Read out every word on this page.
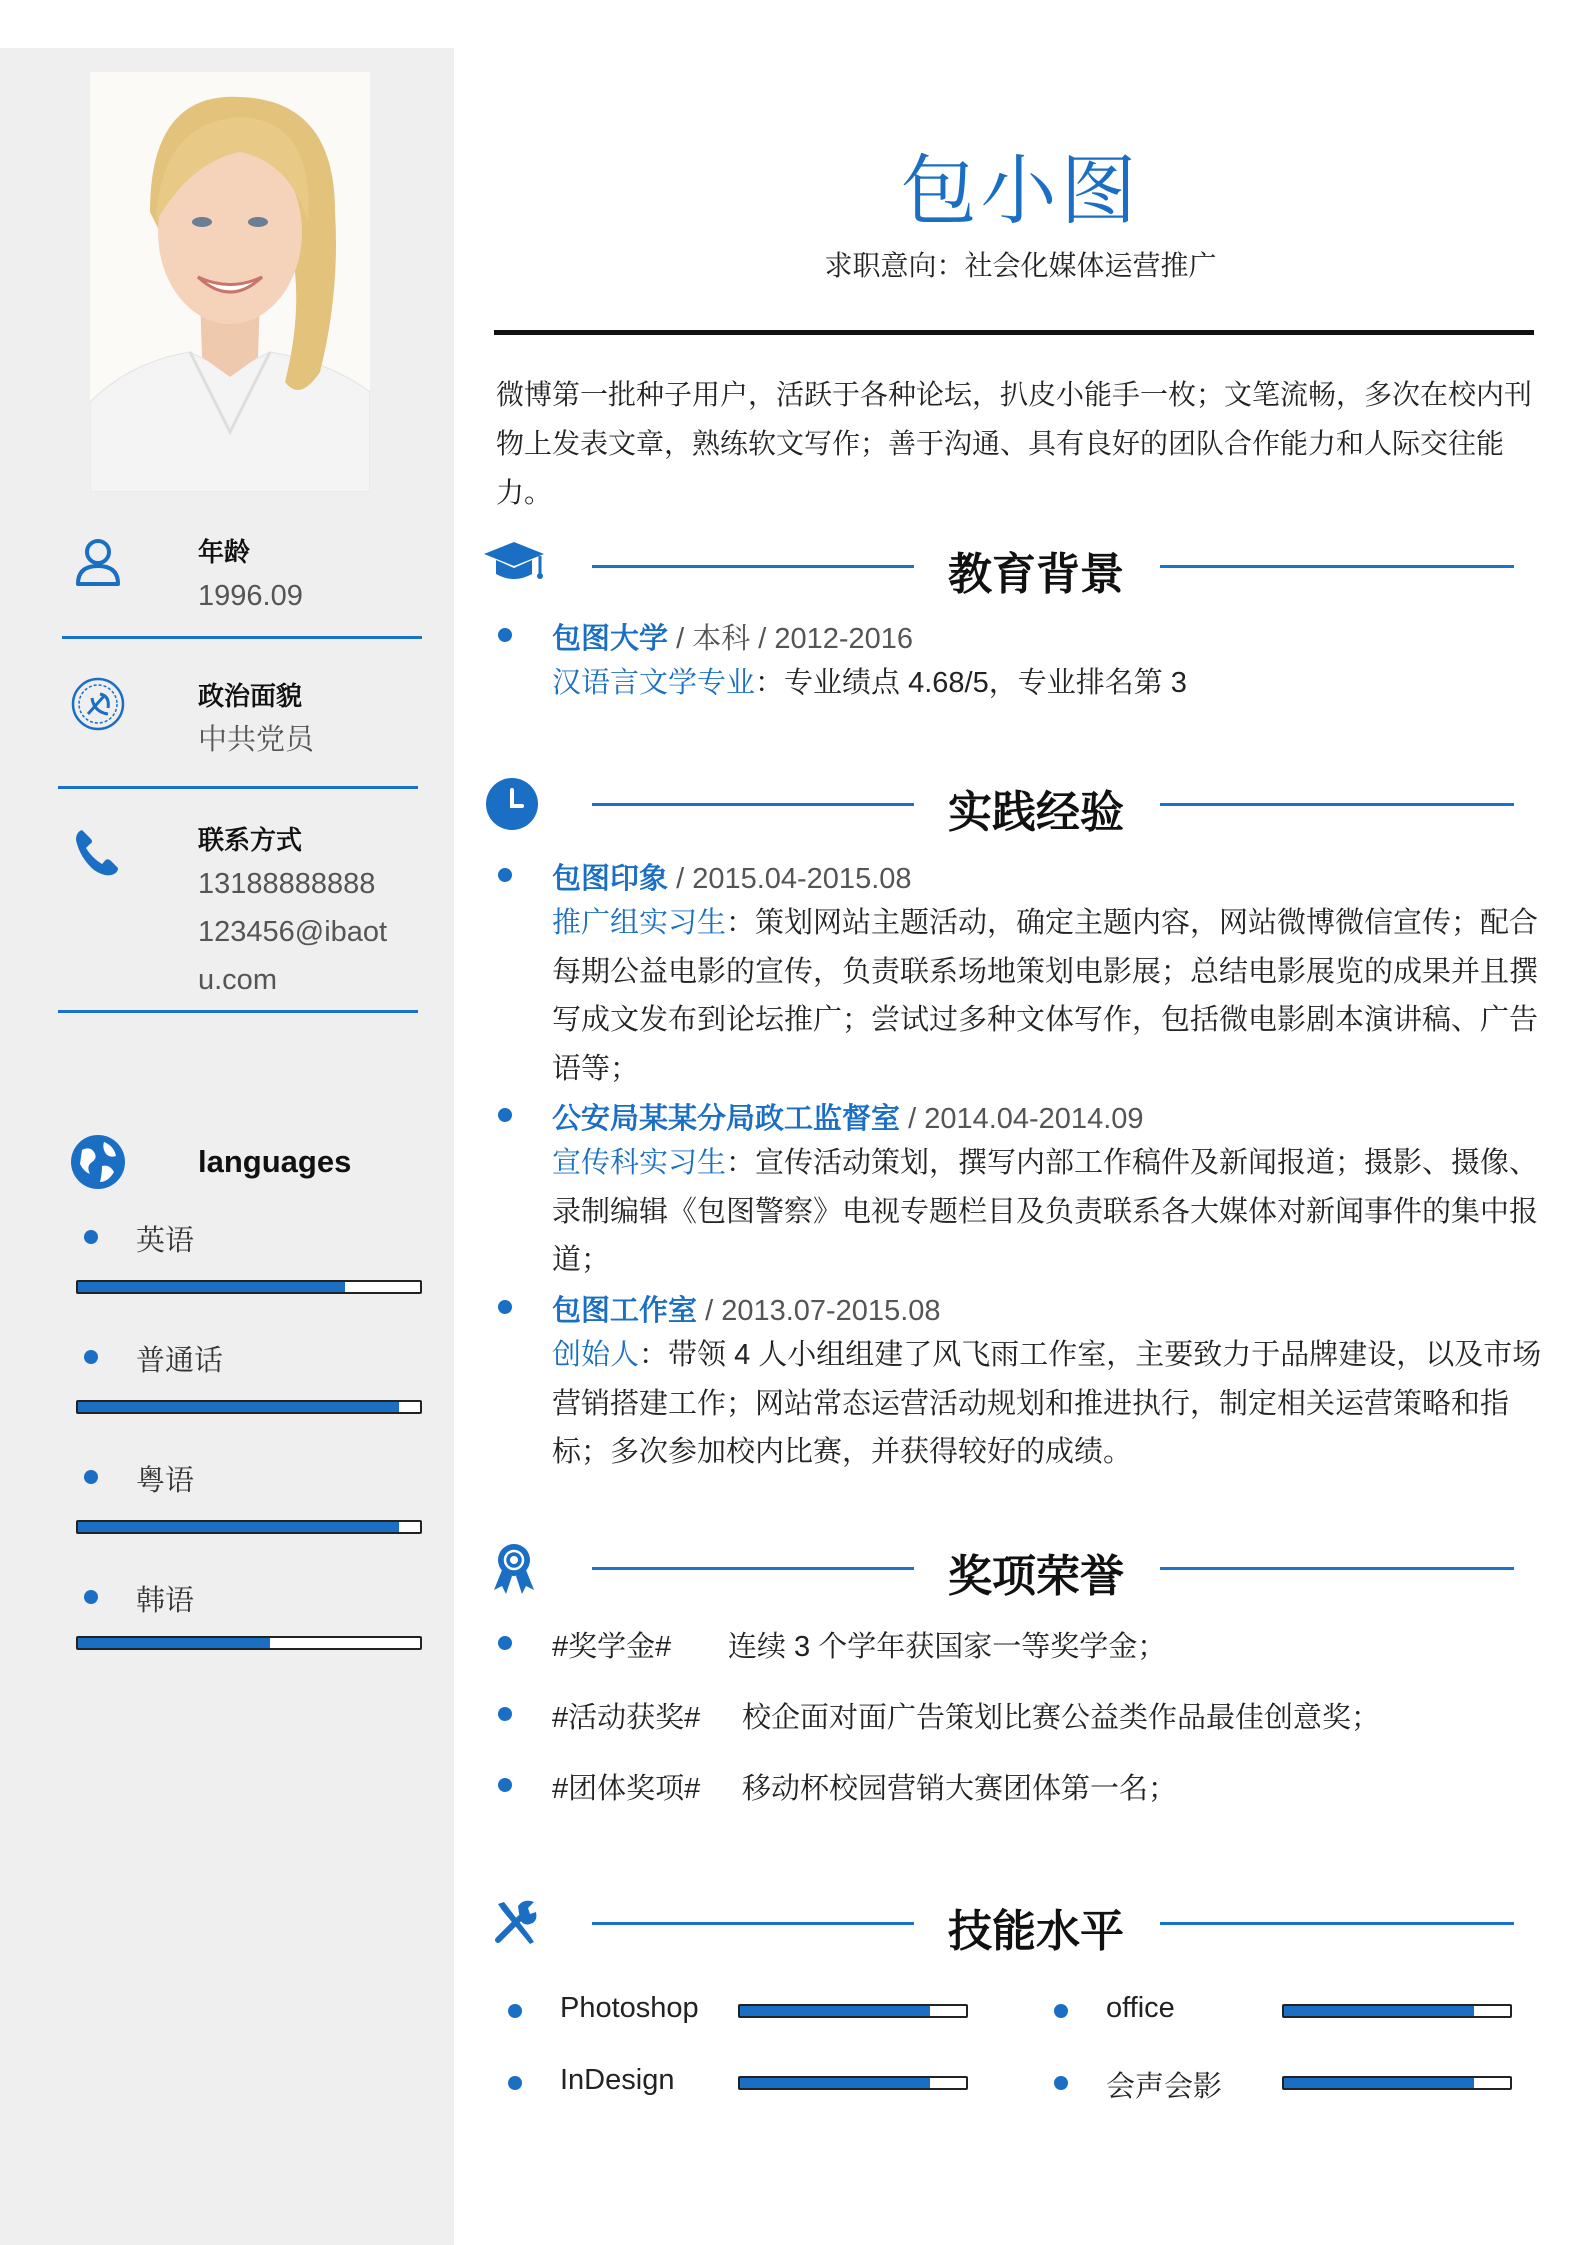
年龄
1996.09
政治面貌
中共党员
联系方式
13188888888
123456@ibaot
u.com
languages
英语
普通话
粤语
韩语
包小图
求职意向：社会化媒体运营推广
微博第一批种子用户，活跃于各种论坛，扒皮小能手一枚；文笔流畅，多次在校内刊物上发表文章，熟练软文写作；善于沟通、具有良好的团队合作能力和人际交往能力。
教育背景
包图大学 / 本科 / 2012-2016
汉语言文学专业：专业绩点 4.68/5，专业排名第 3
实践经验
包图印象 / 2015.04-2015.08
推广组实习生：策划网站主题活动，确定主题内容，网站微博微信宣传；配合每期公益电影的宣传，负责联系场地策划电影展；总结电影展览的成果并且撰写成文发布到论坛推广；尝试过多种文体写作，包括微电影剧本演讲稿、广告语等；
公安局某某分局政工监督室 / 2014.04-2014.09
宣传科实习生：宣传活动策划，撰写内部工作稿件及新闻报道；摄影、摄像、录制编辑《包图警察》电视专题栏目及负责联系各大媒体对新闻事件的集中报道；
包图工作室 / 2013.07-2015.08
创始人：带领 4 人小组组建了风飞雨工作室，主要致力于品牌建设，以及市场营销搭建工作；网站常态运营活动规划和推进执行，制定相关运营策略和指标；多次参加校内比赛，并获得较好的成绩。
奖项荣誉
#奖学金# 连续 3 个学年获国家一等奖学金；
#活动获奖# 校企面对面广告策划比赛公益类作品最佳创意奖；
#团体奖项# 移动杯校园营销大赛团体第一名；
技能水平
Photoshop	office
InDesign	会声会影
